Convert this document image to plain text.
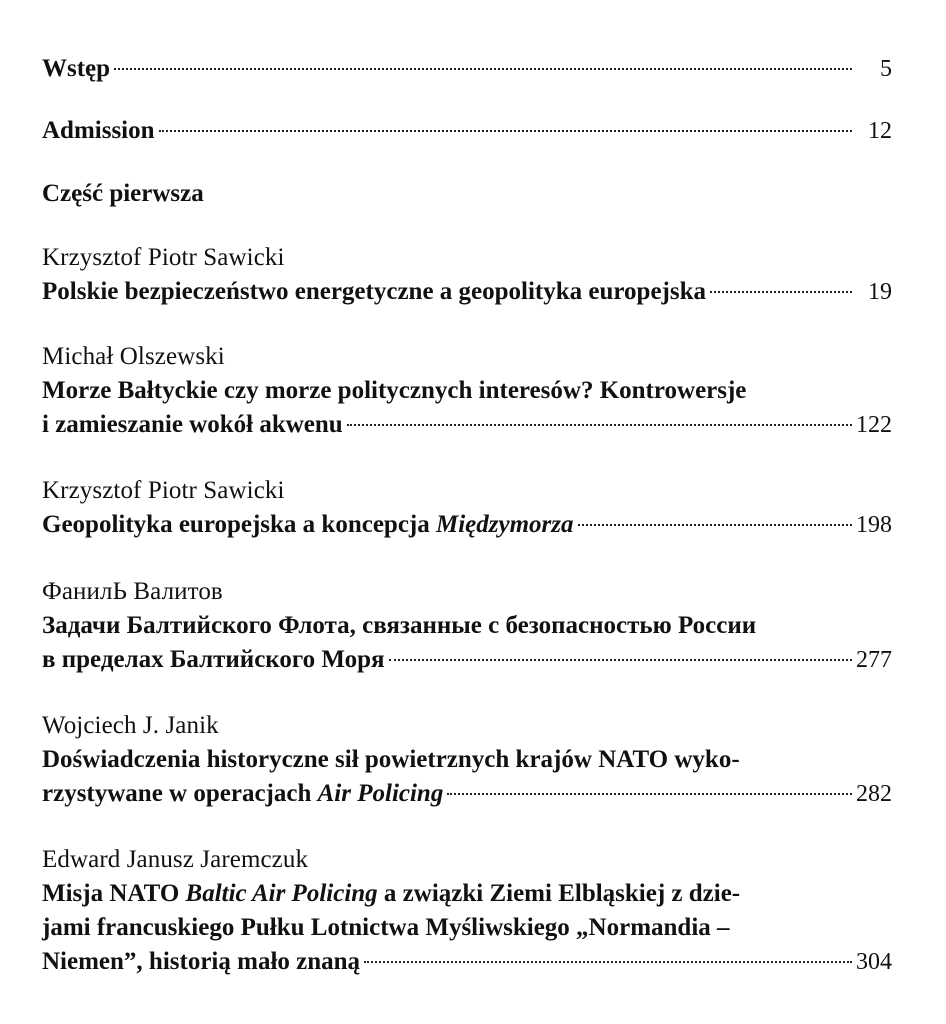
Wstęp	5
Admission	12
Część pierwsza
Krzysztof Piotr Sawicki
Polskie bezpieczeństwo energetyczne a geopolityka europejska	19
Michał Olszewski
Morze Bałtyckie czy morze politycznych interesów? Kontrowersje
i zamieszanie wokół akwenu	122
Krzysztof Piotr Sawicki
Geopolityka europejska a koncepcja Międzymorza	198
ФанилЬ Валитов
Задачи Балтийского Флота, связанные с безопасностью России
в пределах Балтийского Моря	277
Wojciech J. Janik
Doświadczenia historyczne sił powietrznych krajów NATO wyko-
rzystywane w operacjach Air Policing	282
Edward Janusz Jaremczuk
Misja NATO Baltic Air Policing a związki Ziemi Elbląskiej z dzie-
jami francuskiego Pułku Lotnictwa Myśliwskiego „Normandia –
Niemen”, historią mało znaną	304
